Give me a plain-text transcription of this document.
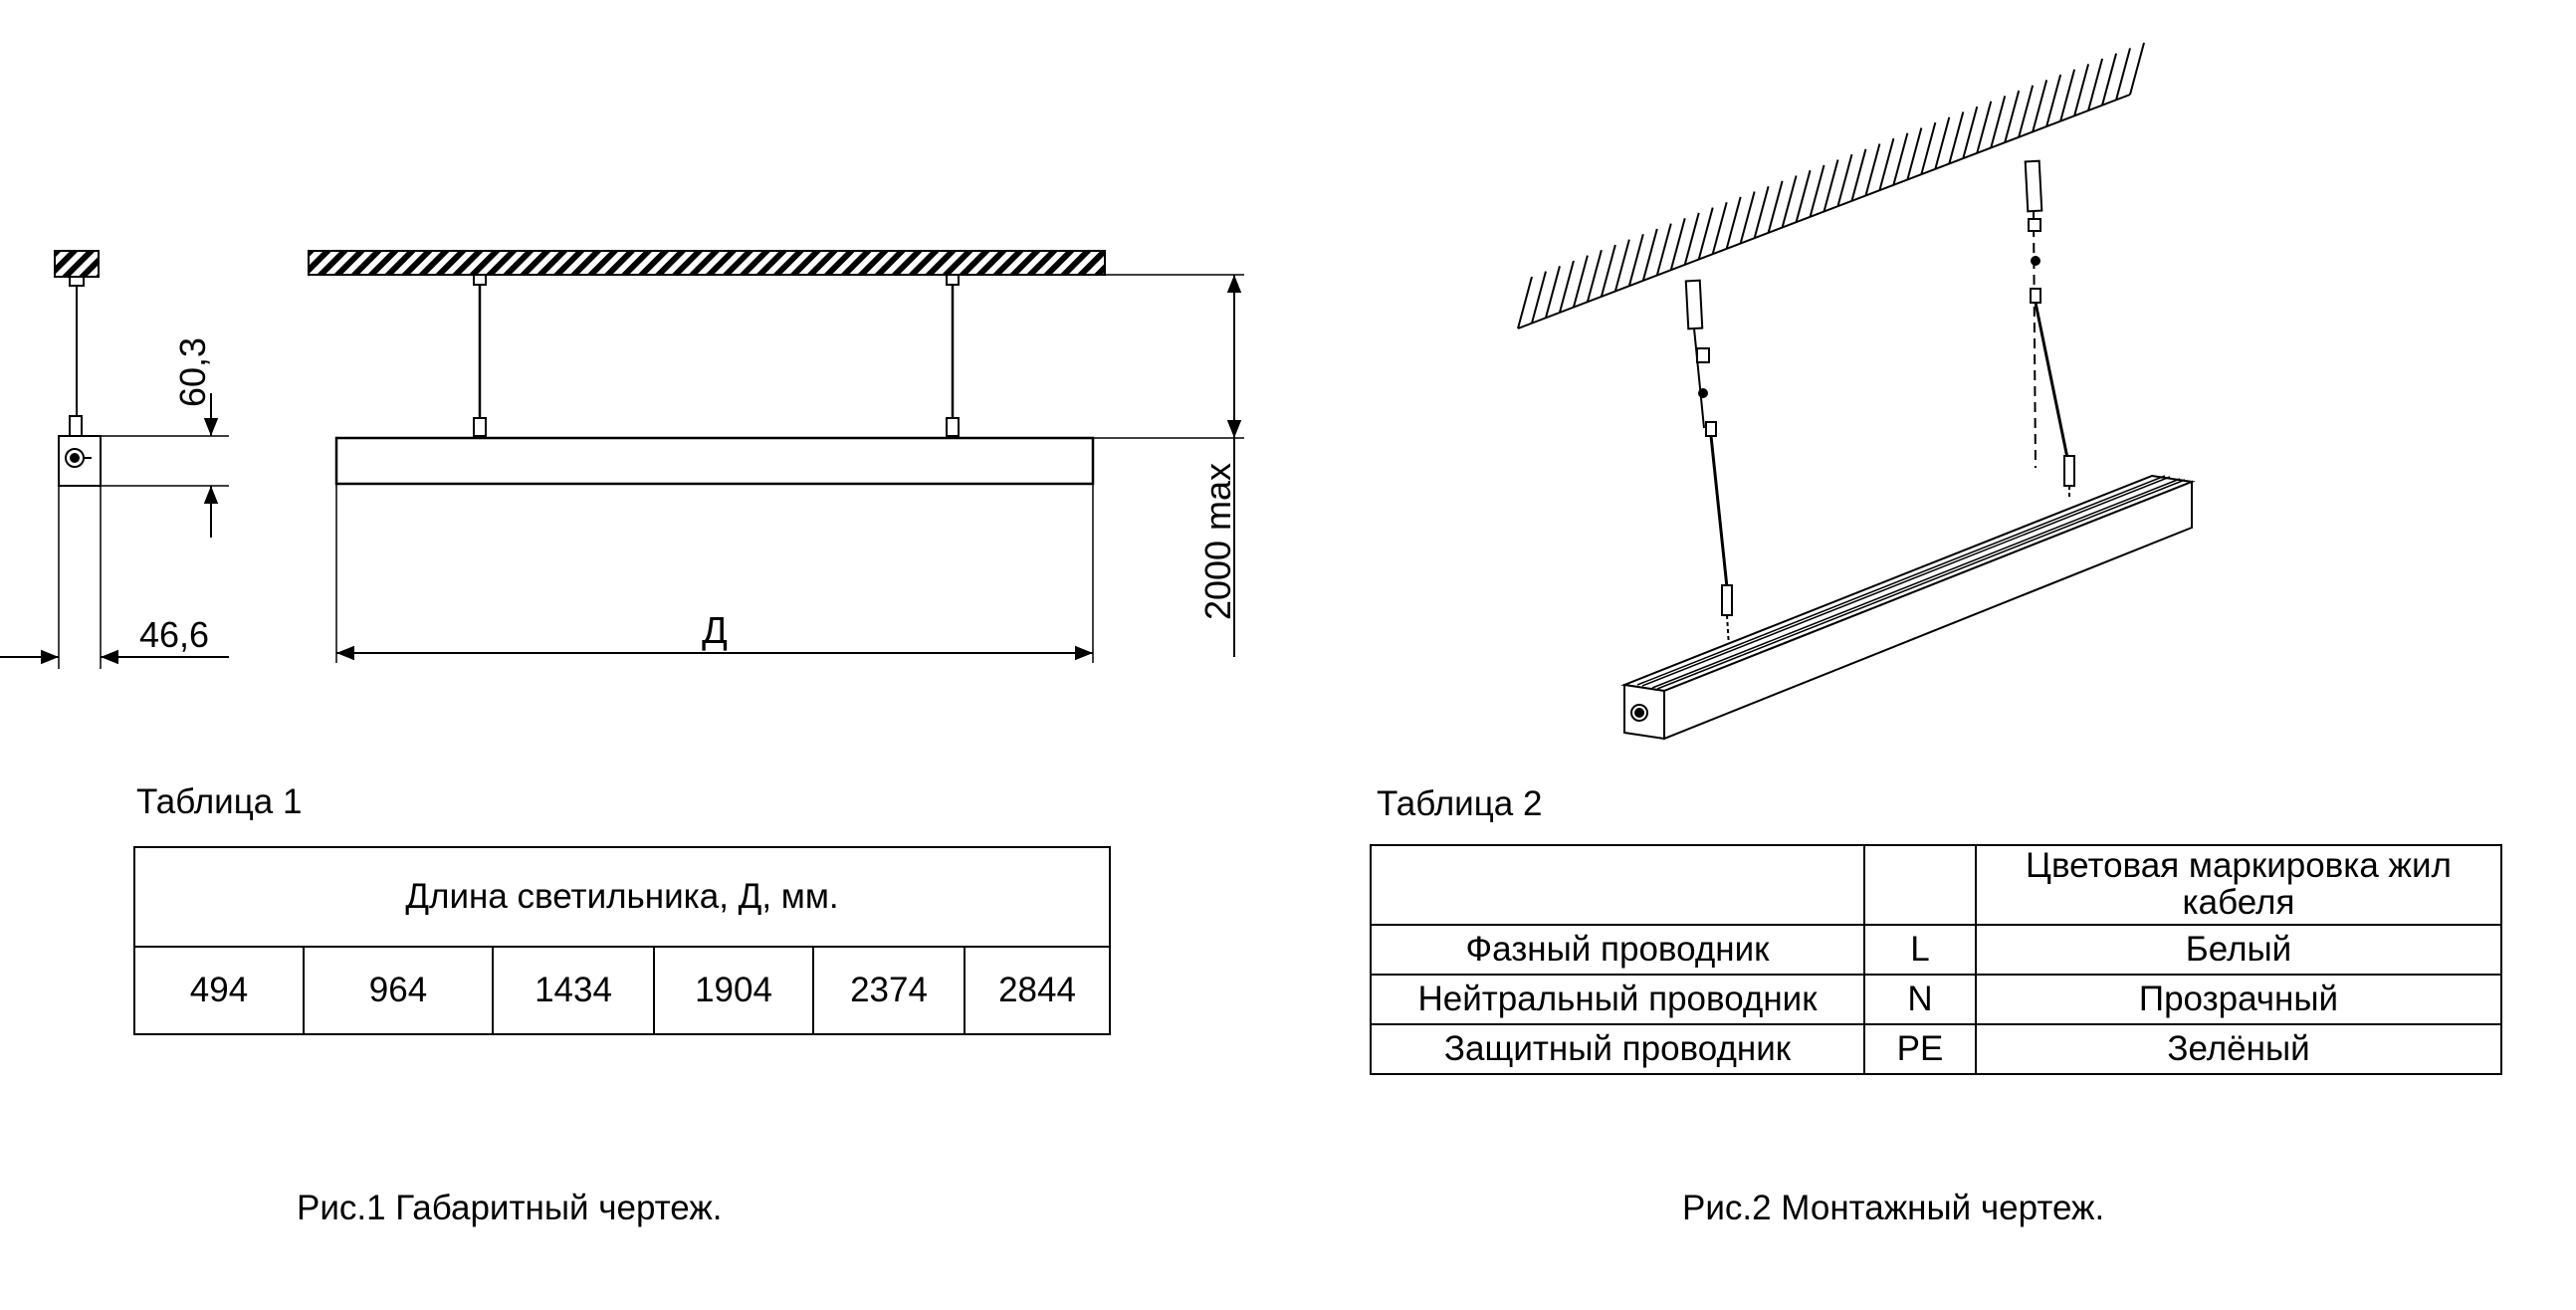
60,3
46,6	Д
2000 max
Таблица 1
Длина светильника, Д, мм.
494	964	1434	1904	2374	2844
Таблица 2
		Цветовая маркировка жил кабеля
Фазный проводник	L	Белый
Нейтральный проводник	N	Прозрачный
Защитный проводник	PE	Зелёный
Рис.1 Габаритный чертеж.	Рис.2 Монтажный чертеж.
